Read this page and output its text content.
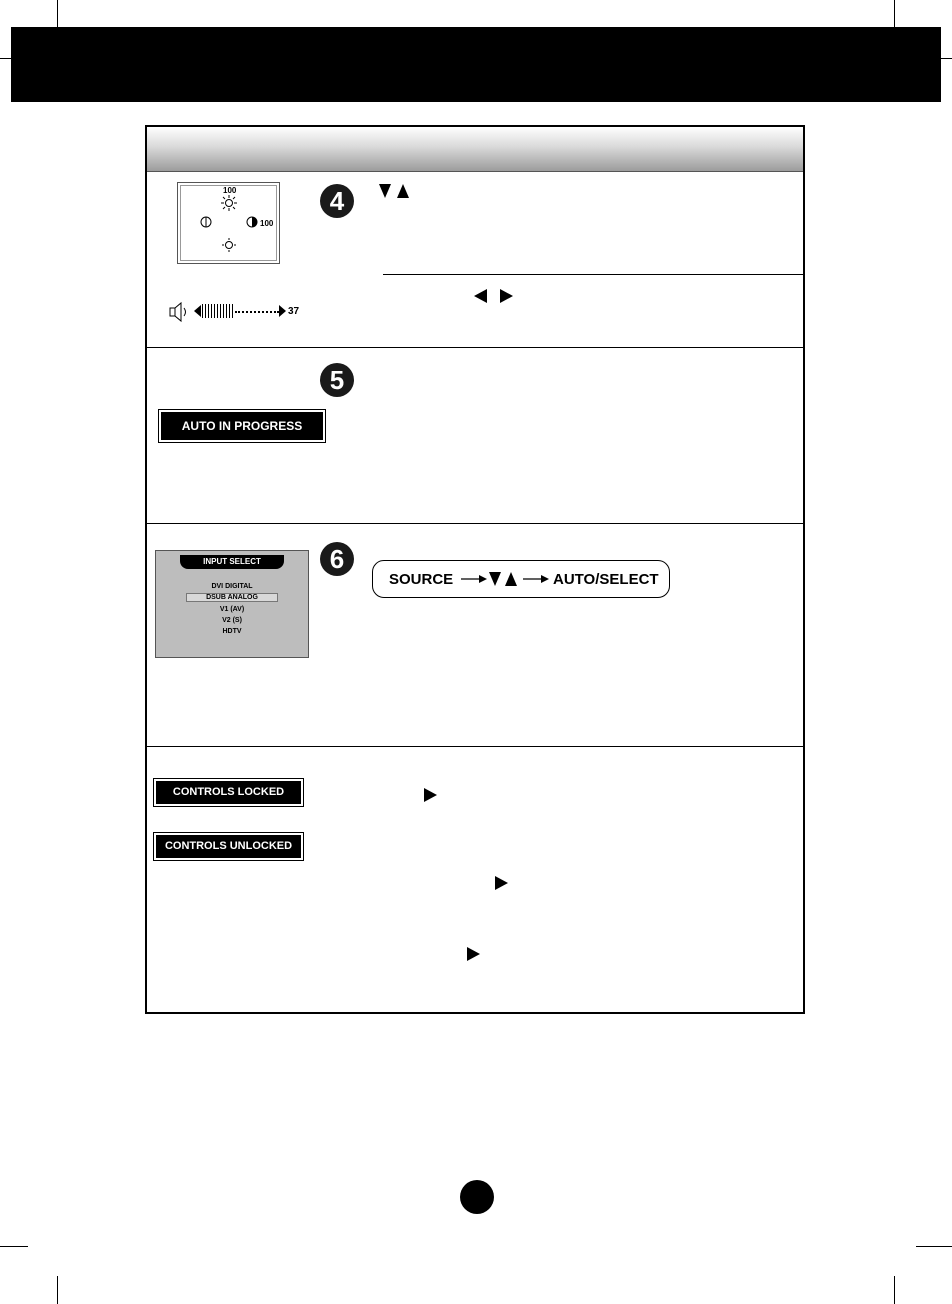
100
100
4
37
5
AUTO IN PROGRESS
INPUT SELECT
DVI DIGITAL
DSUB ANALOG
V1 (AV)
V2 (S)
HDTV
6
SOURCE	AUTO/SELECT
CONTROLS LOCKED
CONTROLS UNLOCKED
